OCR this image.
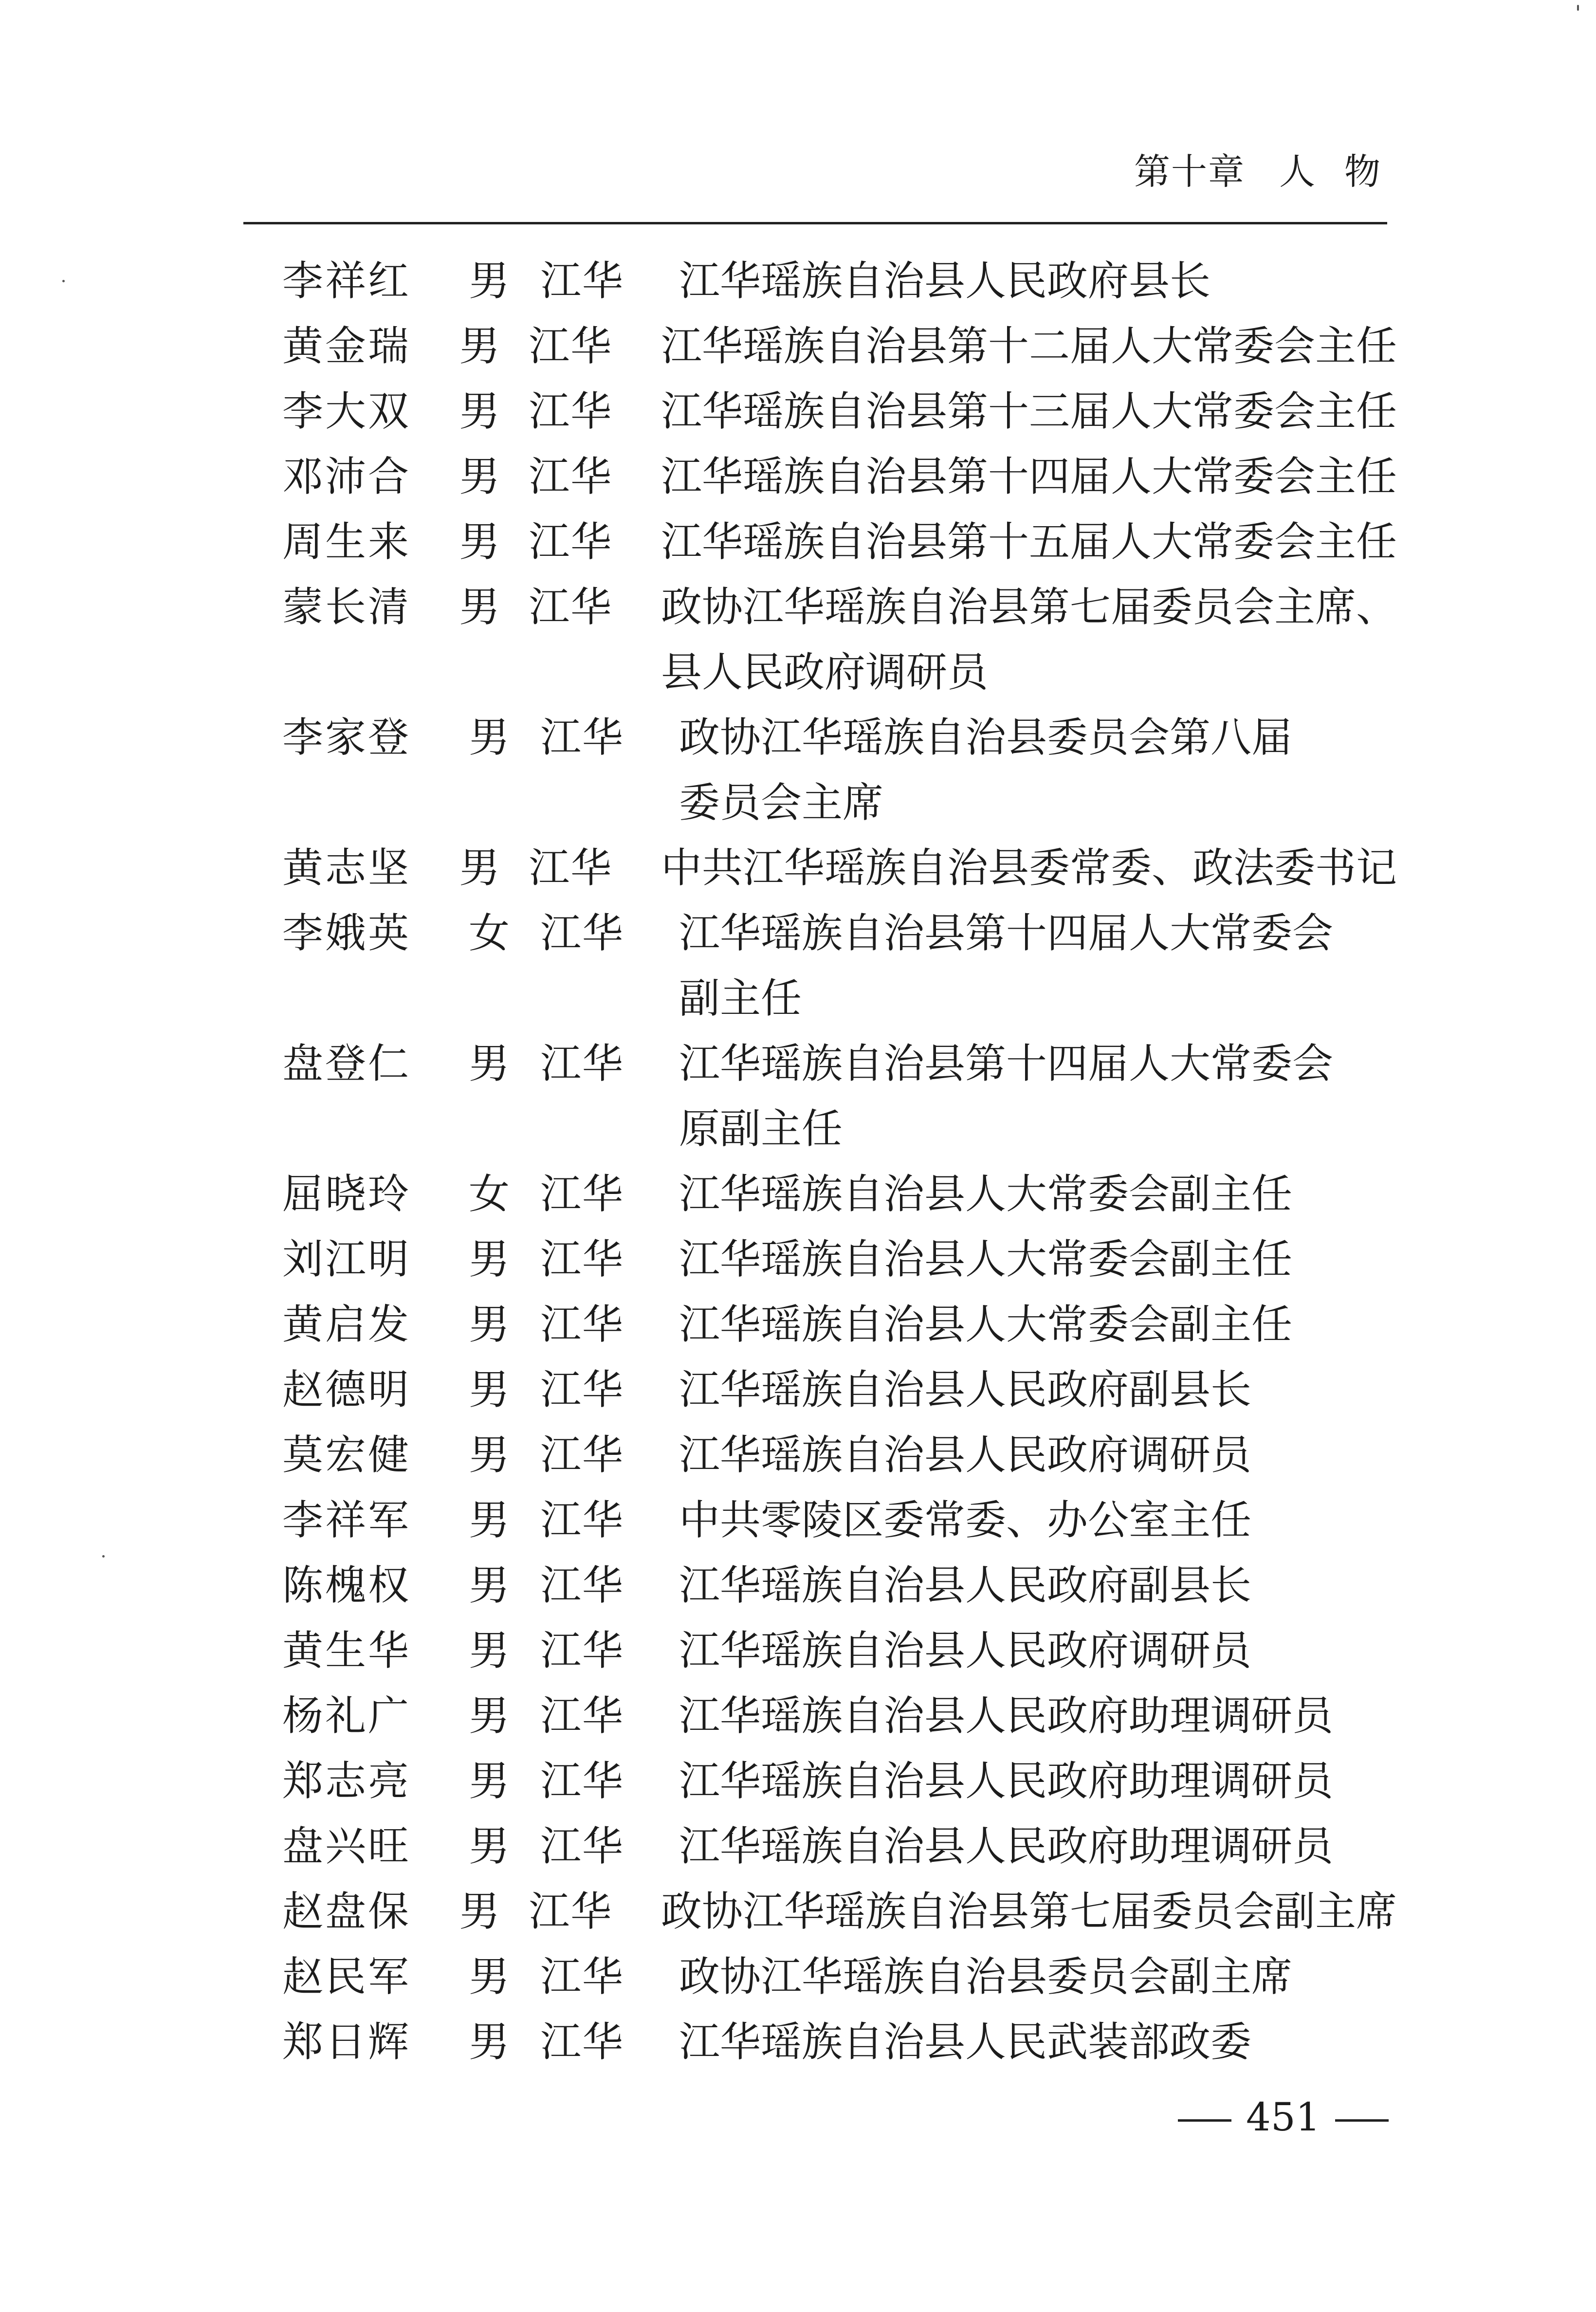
第十章 人物
李祥红	男 江华	江华瑶族自治县人民政府县长
黄金瑞	男 江华	江华瑶族自治县第十二届人大常委会主任
李大双	男 江华	江华瑶族自治县第十三届人大常委会主任
邓沛合	男 江华	江华瑶族自治县第十四届人大常委会主任
周生来	男 江华	江华瑶族自治县第十五届人大常委会主任
蒙长清	男 江华	政协江华瑶族自治县第七届委员会主席、
县人民政府调研员
李家登	男 江华	政协江华瑶族自治县委员会第八届
委员会主席
黄志坚	男 江华	中共江华瑶族自治县委常委、政法委书记
李娥英	女 江华	江华瑶族自治县第十四届人大常委会
副主任
盘登仁	男 江华	江华瑶族自治县第十四届人大常委会
原副主任
屈晓玲	女 江华	江华瑶族自治县人大常委会副主任
刘江明	男 江华	江华瑶族自治县人大常委会副主任
黄启发	男 江华	江华瑶族自治县人大常委会副主任
赵德明	男 江华	江华瑶族自治县人民政府副县长
莫宏健	男 江华	江华瑶族自治县人民政府调研员
李祥军	男 江华	中共零陵区委常委、办公室主任
陈槐权	男 江华	江华瑶族自治县人民政府副县长
黄生华	男 江华	江华瑶族自治县人民政府调研员
杨礼广	男 江华	江华瑶族自治县人民政府助理调研员
郑志亮	男 江华	江华瑶族自治县人民政府助理调研员
盘兴旺	男 江华	江华瑶族自治县人民政府助理调研员
赵盘保	男 江华	政协江华瑶族自治县第七届委员会副主席
赵民军	男 江华	政协江华瑶族自治县委员会副主席
郑日辉	男 江华	江华瑶族自治县人民武装部政委
451
